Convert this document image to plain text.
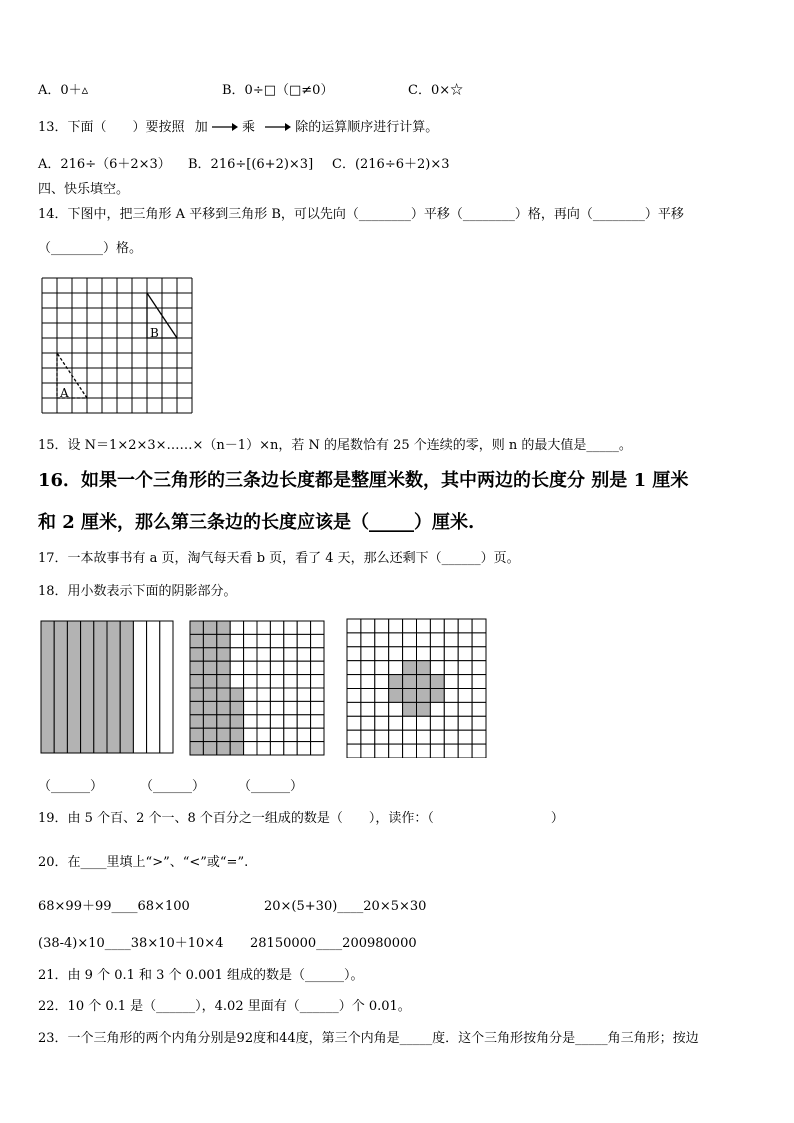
A．0＋▵	B．0÷□（□≠0）	C．0×☆
13．下面（　　）要按照 加	乘	除的运算顺序进行计算。
A．216÷（6＋2×3） B．216÷[(6+2)×3] C．(216÷6＋2)×3
四、快乐填空。
14．下图中，把三角形 A 平移到三角形 B，可以先向（________）平移（________）格，再向（________）平移
（________）格。
B
A
15．设 N＝1×2×3×……×（n－1）×n，若 N 的尾数恰有 25 个连续的零，则 n 的最大值是_____。
16．如果一个三角形的三条边长度都是整厘米数，其中两边的长度分 别是 1 厘米
和 2 厘米，那么第三条边的长度应该是（_____）厘米.
17．一本故事书有 a 页，淘气每天看 b 页，看了 4 天，那么还剩下（______）页。
18．用小数表示下面的阴影部分。
（______）	（______）	（______）
19．由 5 个百、2 个一、8 个百分之一组成的数是（　　），读作：（　　　　　　　　　）
20．在____里填上“>”、“<”或“=”.
68×99＋99____68×100	20×(5+30)____20×5×30
(38-4)×10____38×10＋10×4 28150000____200980000
21．由 9 个 0.1 和 3 个 0.001 组成的数是（______）。
22．10 个 0.1 是（______），4.02 里面有（______）个 0.01。
23．一个三角形的两个内角分别是92度和44度，第三个内角是_____度．这个三角形按角分是_____角三角形；按边
